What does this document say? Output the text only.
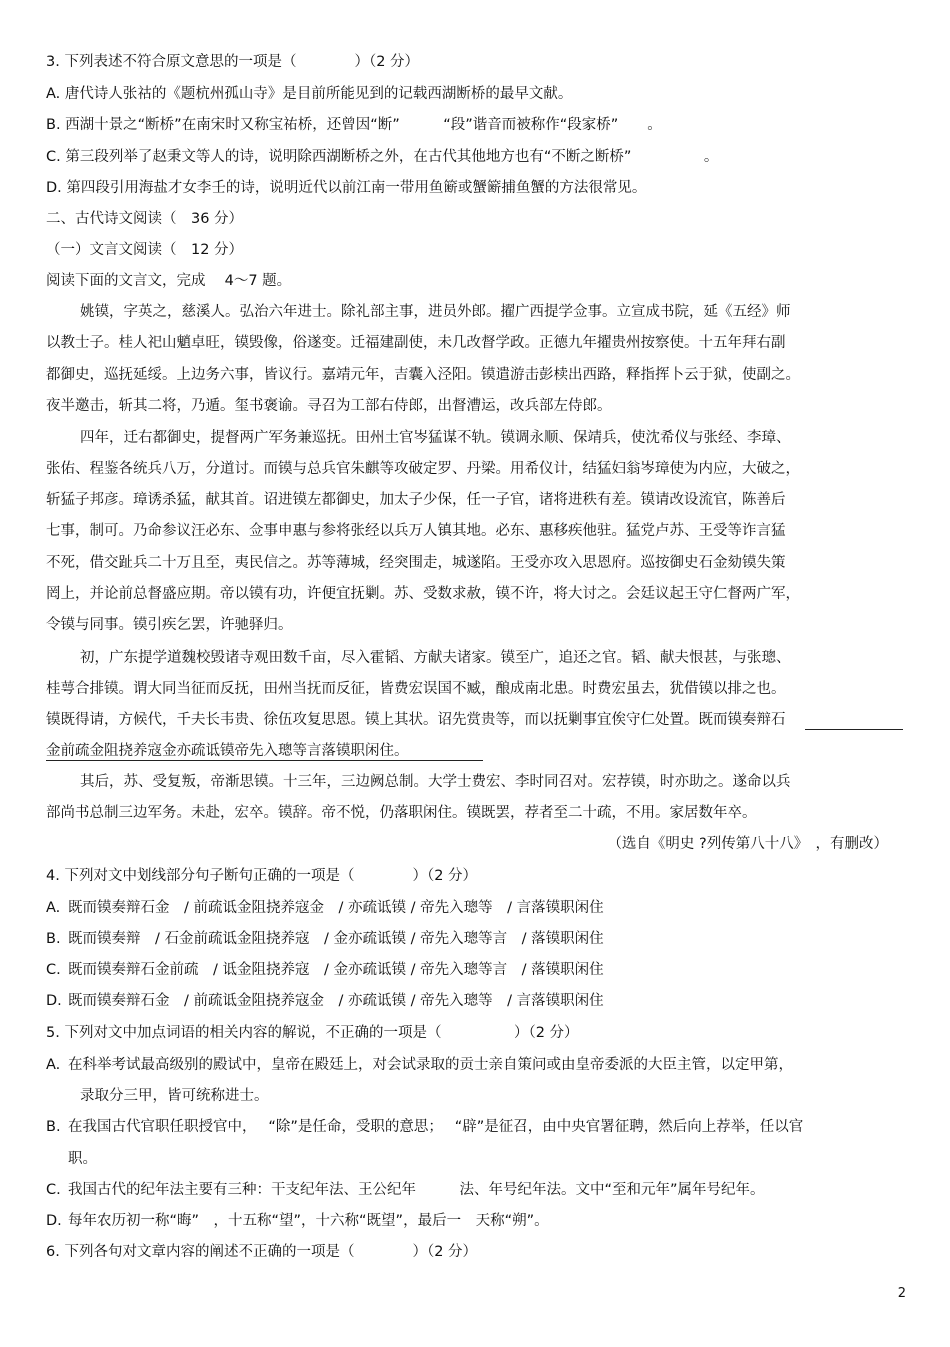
3. 下列表述不符合原文意思的一项是（　　　　）（2 分）
A. 唐代诗人张祜的《题杭州孤山寺》是目前所能见到的记载西湖断桥的最早文献。
B. 西湖十景之“断桥”在南宋时又称宝祐桥，还曾因“断”　　　“段”谐音而被称作“段家桥”　　。
C. 第三段列举了赵秉文等人的诗，说明除西湖断桥之外，在古代其他地方也有“不断之断桥”　　　　　。
D. 第四段引用海盐才女李壬的诗，说明近代以前江南一带用鱼簖或蟹簖捕鱼蟹的方法很常见。
二、古代诗文阅读（　36 分）
（一）文言文阅读（　12 分）
阅读下面的文言文，完成　 4～7 题。
姚镆，字英之，慈溪人。弘治六年进士。除礼部主事，进员外郎。擢广西提学佥事。立宣成书院，延《五经》师
以教士子。桂人祀山魈卓旺，镆毁像，俗遂变。迁福建副使，未几改督学政。正德九年擢贵州按察使。十五年拜右副
都御史，巡抚延绥。上边务六事，皆议行。嘉靖元年，吉囊入泾阳。镆遣游击彭椟出西路，释指挥卜云于狱，使副之。
夜半邀击，斩其二将，乃遁。玺书褒谕。寻召为工部右侍郎，出督漕运，改兵部左侍郎。
四年，迁右都御史，提督两广军务兼巡抚。田州土官岑猛谋不轨。镆调永顺、保靖兵，使沈希仪与张经、李璋、
张佑、程鉴各统兵八万，分道讨。而镆与总兵官朱麒等攻破定罗、丹梁。用希仪计，结猛妇翁岑璋使为内应，大破之，
斩猛子邦彦。璋诱杀猛，献其首。诏进镆左都御史，加太子少保，任一子官，诸将进秩有差。镆请改设流官，陈善后
七事，制可。乃命参议汪必东、佥事申惠与参将张经以兵万人镇其地。必东、惠移疾他驻。猛党卢苏、王受等诈言猛
不死，借交趾兵二十万且至，夷民信之。苏等薄城，经突围走，城遂陷。王受亦攻入思恩府。巡按御史石金劾镆失策
罔上，并论前总督盛应期。帝以镆有功，许便宜抚剿。苏、受数求赦，镆不许，将大讨之。会廷议起王守仁督两广军，
令镆与同事。镆引疾乞罢，许驰驿归。
初，广东提学道魏校毁诸寺观田数千亩，尽入霍韬、方献夫诸家。镆至广，追还之官。韬、献夫恨甚，与张璁、
桂萼合排镆。谓大同当征而反抚，田州当抚而反征，皆费宏误国不臧，酿成南北患。时费宏虽去，犹借镆以排之也。
镆既得请，方候代，千夫长韦贵、徐伍攻复思恩。镆上其状。诏先赏贵等，而以抚剿事宜俟守仁处置。既而镆奏辩石
金前疏金阻挠养寇金亦疏诋镆帝先入璁等言落镆职闲住。
其后，苏、受复叛，帝渐思镆。十三年，三边阙总制。大学士费宏、李时同召对。宏荐镆，时亦助之。遂命以兵
部尚书总制三边军务。未赴，宏卒。镆辞。帝不悦，仍落职闲住。镆既罢，荐者至二十疏，不用。家居数年卒。
（选自《明史 ?列传第八十八》　，有删改）
4. 下列对文中划线部分句子断句正确的一项是（　　　　）（2 分）
A. 既而镆奏辩石金　/ 前疏诋金阻挠养寇金　/ 亦疏诋镆 / 帝先入璁等　/ 言落镆职闲住
B. 既而镆奏辩　/ 石金前疏诋金阻挠养寇　/ 金亦疏诋镆 / 帝先入璁等言　/ 落镆职闲住
C. 既而镆奏辩石金前疏　/ 诋金阻挠养寇　/ 金亦疏诋镆 / 帝先入璁等言　/ 落镆职闲住
D. 既而镆奏辩石金　/ 前疏诋金阻挠养寇金　/ 亦疏诋镆 / 帝先入璁等　/ 言落镆职闲住
5. 下列对文中加点词语的相关内容的解说，不正确的一项是（　　　　　）（2 分）
A. 在科举考试最高级别的殿试中，皇帝在殿廷上，对会试录取的贡士亲自策问或由皇帝委派的大臣主管，以定甲第，
录取分三甲，皆可统称进士。
B. 在我国古代官职任职授官中，　 “除”是任命，受职的意思；　 “辟”是征召，由中央官署征聘，然后向上荐举，任以官
职。
C. 我国古代的纪年法主要有三种：干支纪年法、王公纪年　　　法、年号纪年法。文中“至和元年”属年号纪年。
D. 每年农历初一称“晦”　，十五称“望”，十六称“既望”，最后一　天称“朔”。
6. 下列各句对文章内容的阐述不正确的一项是（　　　　）（2 分）
2
